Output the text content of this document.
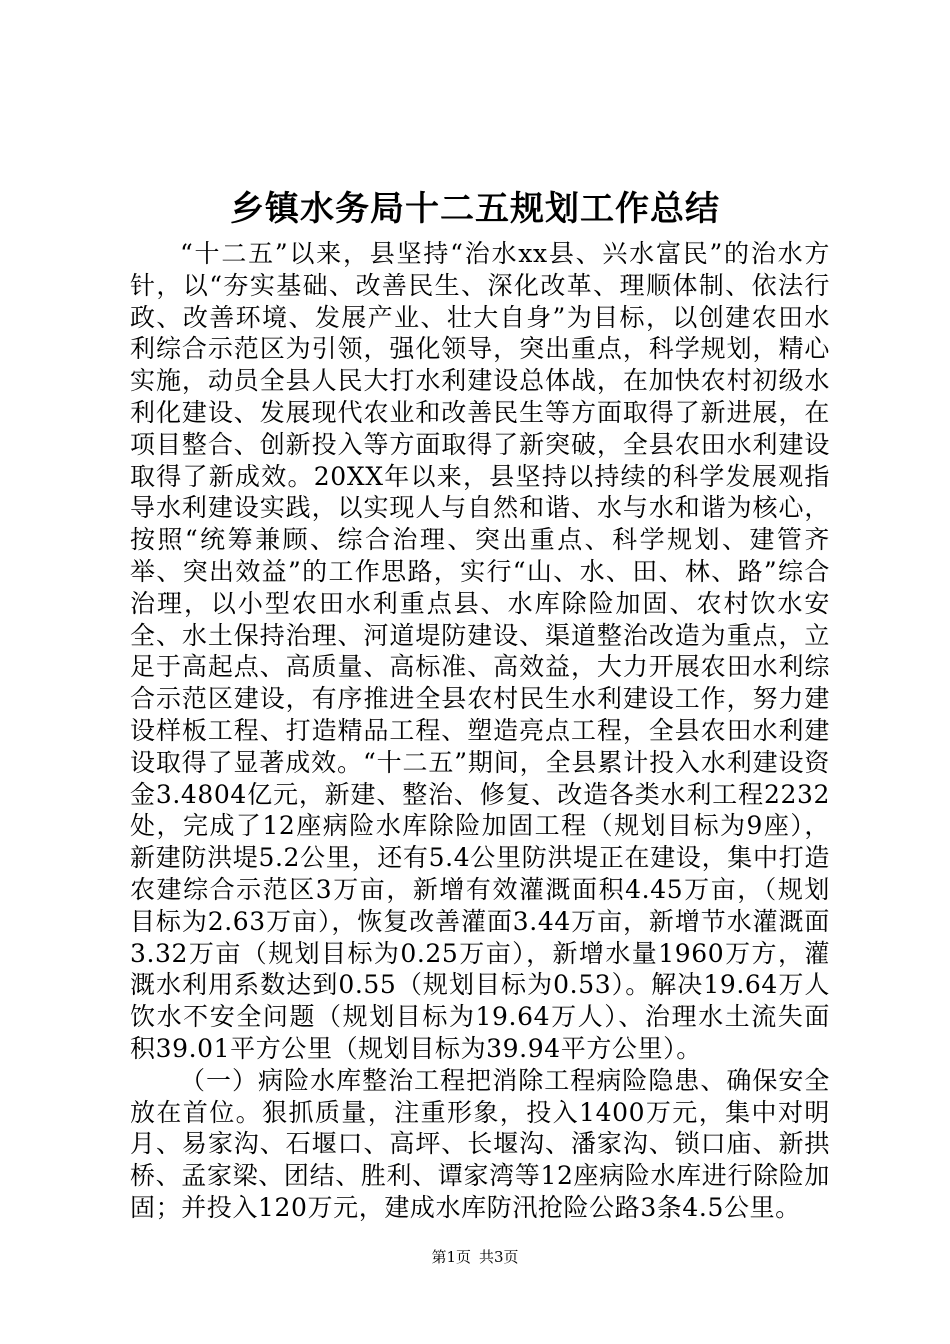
乡镇水务局十二五规划工作总结

“十二五”以来，县坚持“治水xx县、兴水富民”的治水方针，以“夯实基础、改善民生、深化改革、理顺体制、依法行政、改善环境、发展产业、壮大自身”为目标，以创建农田水利综合示范区为引领，强化领导，突出重点，科学规划，精心实施，动员全县人民大打水利建设总体战，在加快农村初级水利化建设、发展现代农业和改善民生等方面取得了新进展，在项目整合、创新投入等方面取得了新突破，全县农田水利建设取得了新成效。20XX年以来，县坚持以持续的科学发展观指导水利建设实践，以实现人与自然和谐、水与水和谐为核心，按照“统筹兼顾、综合治理、突出重点、科学规划、建管齐举、突出效益”的工作思路，实行“山、水、田、林、路”综合治理，以小型农田水利重点县、水库除险加固、农村饮水安全、水土保持治理、河道堤防建设、渠道整治改造为重点，立足于高起点、高质量、高标准、高效益，大力开展农田水利综合示范区建设，有序推进全县农村民生水利建设工作，努力建设样板工程、打造精品工程、塑造亮点工程，全县农田水利建设取得了显著成效。“十二五”期间，全县累计投入水利建设资金3.4804亿元，新建、整治、修复、改造各类水利工程2232处，完成了12座病险水库除险加固工程（规划目标为9座），新建防洪堤5.2公里，还有5.4公里防洪堤正在建设，集中打造农建综合示范区3万亩，新增有效灌溉面积4.45万亩，（规划目标为2.63万亩），恢复改善灌面3.44万亩，新增节水灌溉面3.32万亩（规划目标为0.25万亩），新增水量1960万方，灌溉水利用系数达到0.55（规划目标为0.53）。解决19.64万人饮水不安全问题（规划目标为19.64万人）、治理水土流失面积39.01平方公里（规划目标为39.94平方公里）。

（一）病险水库整治工程把消除工程病险隐患、确保安全放在首位。狠抓质量，注重形象，投入1400万元，集中对明月、易家沟、石堰口、高坪、长堰沟、潘家沟、锁口庙、新拱桥、孟家梁、团结、胜利、谭家湾等12座病险水库进行除险加固；并投入120万元，建成水库防汛抢险公路3条4.5公里。

第1页 共3页
